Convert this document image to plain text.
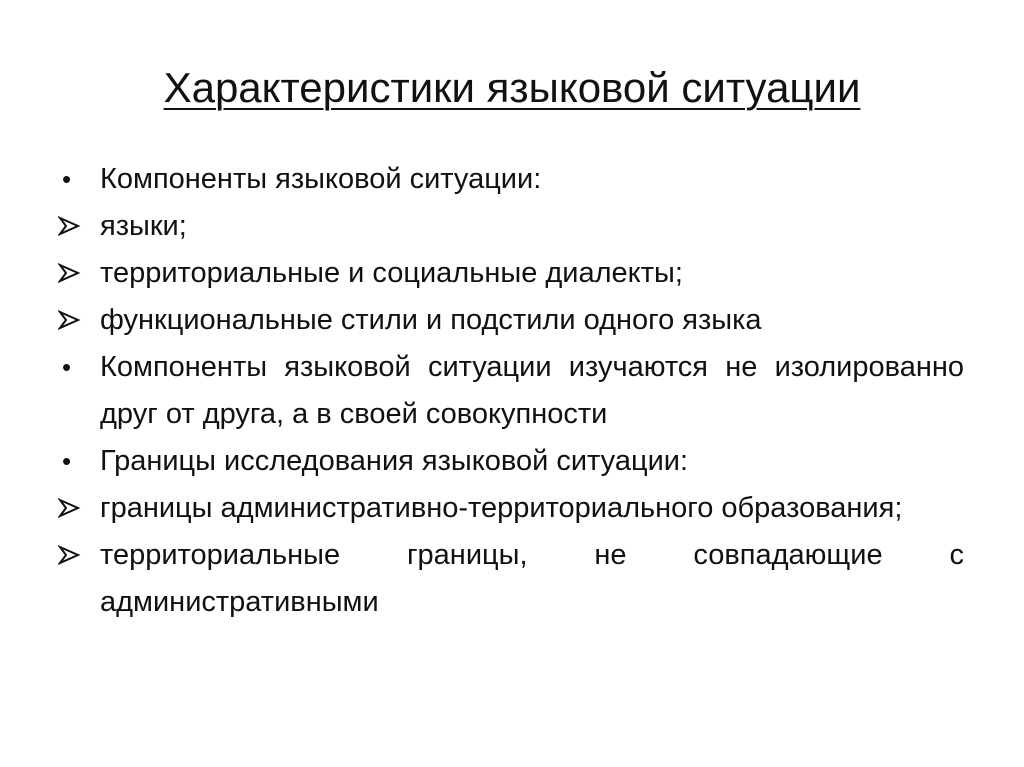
Характеристики языковой ситуации
• Компоненты языковой ситуации:
языки;
территориальные и социальные диалекты;
функциональные стили и подстили одного языка
• Компоненты языковой ситуации изучаются не изолированно друг от друга, а в своей совокупности
• Границы исследования языковой ситуации:
границы административно-территориального образования;
территориальные границы, не совпадающие с административными
